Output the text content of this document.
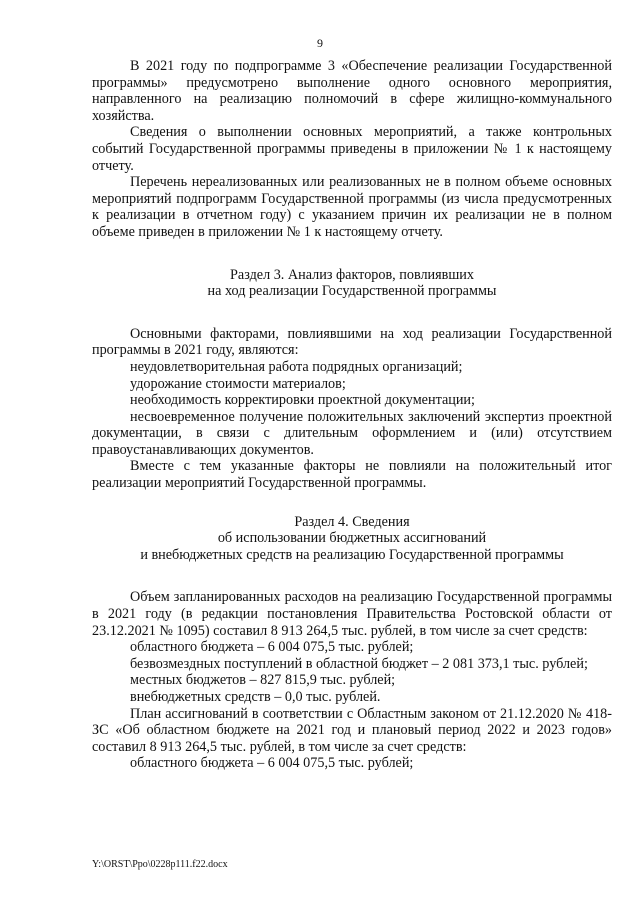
9

В 2021 году по подпрограмме 3 «Обеспечение реализации Государственной программы» предусмотрено выполнение одного основного мероприятия, направленного на реализацию полномочий в сфере жилищно-коммунального хозяйства.

Сведения о выполнении основных мероприятий, а также контрольных событий Государственной программы приведены в приложении № 1 к настоящему отчету.

Перечень нереализованных или реализованных не в полном объеме основных мероприятий подпрограмм Государственной программы (из числа предусмотренных к реализации в отчетном году) с указанием причин их реализации не в полном объеме приведен в приложении № 1 к настоящему отчету.

Раздел 3. Анализ факторов, повлиявших

на ход реализации Государственной программы

Основными факторами, повлиявшими на ход реализации Государственной программы в 2021 году, являются:

неудовлетворительная работа подрядных организаций;

удорожание стоимости материалов;

необходимость корректировки проектной документации;

несвоевременное получение положительных заключений экспертиз проектной документации, в связи с длительным оформлением и (или) отсутствием правоустанавливающих документов.

Вместе с тем указанные факторы не повлияли на положительный итог реализации мероприятий Государственной программы.

Раздел 4. Сведения

об использовании бюджетных ассигнований

и внебюджетных средств на реализацию Государственной программы

Объем запланированных расходов на реализацию Государственной программы в 2021 году (в редакции постановления Правительства Ростовской области от 23.12.2021 № 1095) составил 8 913 264,5 тыс. рублей, в том числе за счет средств:

областного бюджета – 6 004 075,5 тыс. рублей;

безвозмездных поступлений в областной бюджет – 2 081 373,1 тыс. рублей;

местных бюджетов – 827 815,9 тыс. рублей;

внебюджетных средств – 0,0 тыс. рублей.

План ассигнований в соответствии с Областным законом от 21.12.2020 № 418-ЗС «Об областном бюджете на 2021 год и плановый период 2022 и 2023 годов» составил 8 913 264,5 тыс. рублей, в том числе за счет средств:

областного бюджета – 6 004 075,5 тыс. рублей;

Y:\ORST\Ppo\0228p111.f22.docx
